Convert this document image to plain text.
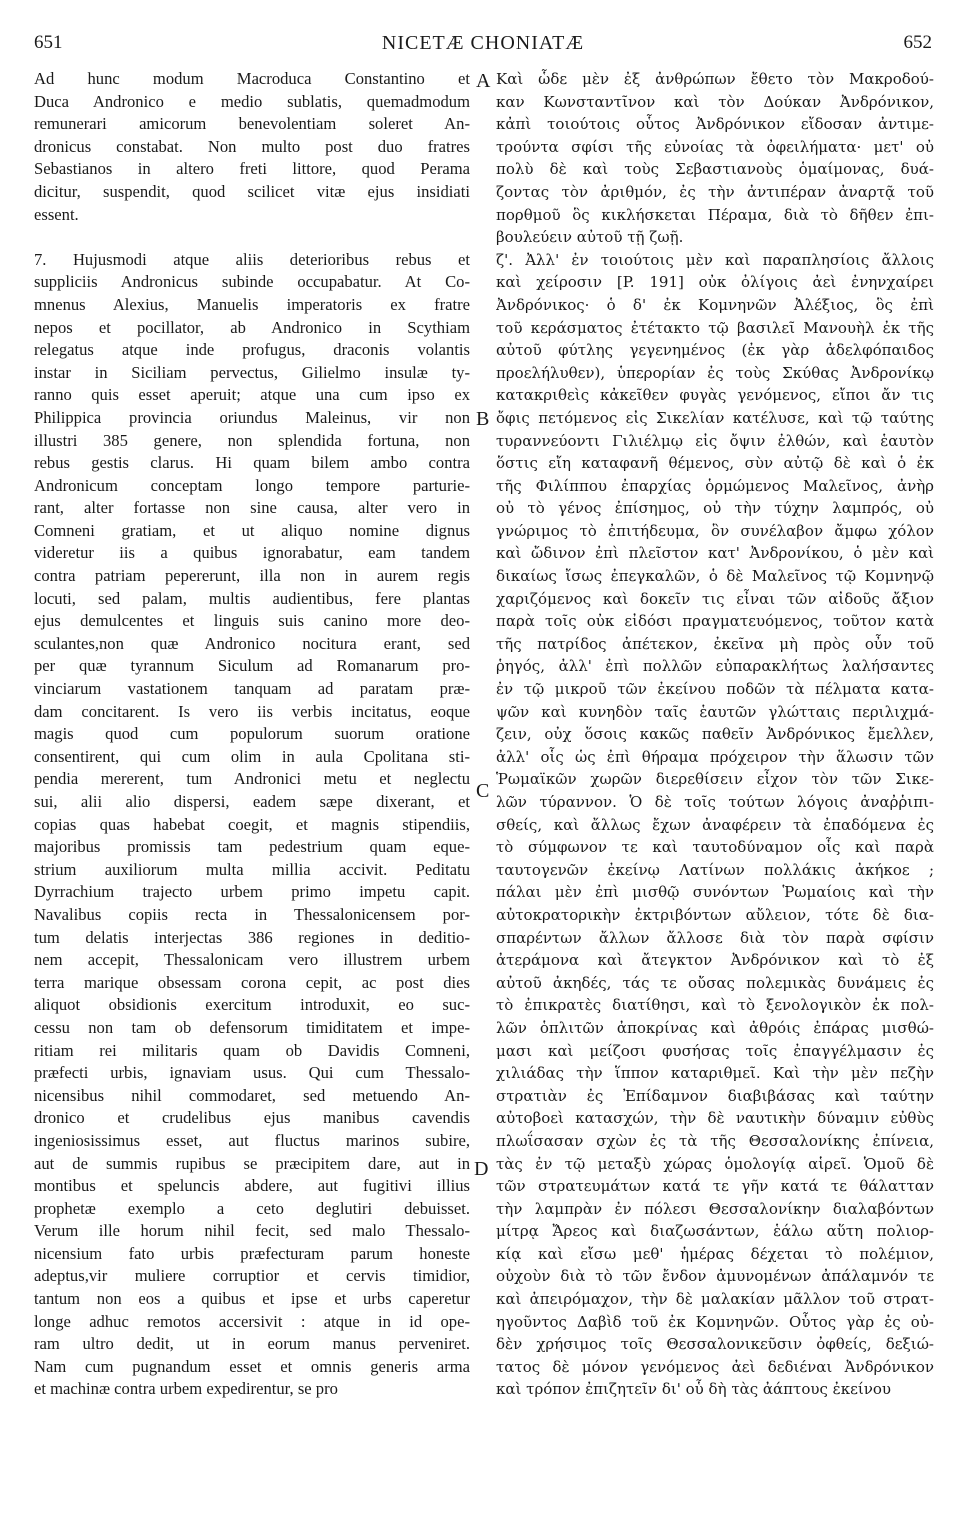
651	NICETÆ CHONIATÆ	652
Ad hunc modum Macroduca Constantino et
Duca Andronico e medio sublatis, quemadmodum
remunerari amicorum benevolentiam soleret An-
dronicus constabat. Non multo post duo fratres
Sebastianos in altero freti littore, quod Perama
dicitur, suspendit, quod scilicet vitæ ejus insidiati
essent.
7. Hujusmodi atque aliis deterioribus rebus et
suppliciis Andronicus subinde occupabatur. At Co-
mnenus Alexius, Manuelis imperatoris ex fratre
nepos et pocillator, ab Andronico in Scythiam
relegatus atque inde profugus, draconis volantis
instar in Siciliam pervectus, Gilielmo insulæ ty-
ranno quis esset aperuit; atque una cum ipso ex
Philippica provincia oriundus Maleinus, vir non
illustri 385 genere, non splendida fortuna, non
rebus gestis clarus. Hi quam bilem ambo contra
Andronicum conceptam longo tempore parturie-
rant, alter fortasse non sine causa, alter vero in
Comneni gratiam, et ut aliquo nomine dignus
videretur iis a quibus ignorabatur, eam tandem
contra patriam pepererunt, illa non in aurem regis
locuti, sed palam, multis audientibus, fere plantas
ejus demulcentes et linguis suis canino more deo-
sculantes,non quæ Andronico nocitura erant, sed
per quæ tyrannum Siculum ad Romanarum pro-
vinciarum vastationem tanquam ad paratam præ-
dam concitarent. Is vero iis verbis incitatus, eoque
magis quod cum populorum suorum oratione
consentirent, qui cum olim in aula Cpolitana sti-
pendia mererent, tum Andronici metu et neglectu
sui, alii alio dispersi, eadem sæpe dixerant, et
copias quas habebat coegit, et magnis stipendiis,
majoribus promissis tam pedestrium quam eque-
strium auxiliorum multa millia accivit. Peditatu
Dyrrachium trajecto urbem primo impetu capit.
Navalibus copiis recta in Thessalonicensem por-
tum delatis interjectas 386 regiones in deditio-
nem accepit, Thessalonicam vero illustrem urbem
terra marique obsessam corona cepit, ac post dies
aliquot obsidionis exercitum introduxit, eo suc-
cessu non tam ob defensorum timiditatem et impe-
ritiam rei militaris quam ob Davidis Comneni,
præfecti urbis, ignaviam usus. Qui cum Thessalo-
nicensibus nihil commodaret, sed metuendo An-
dronico et crudelibus ejus manibus cavendis
ingeniosissimus esset, aut fluctus marinos subire,
aut de summis rupibus se præcipitem dare, aut in
montibus et speluncis abdere, aut fugitivi illius
prophetæ exemplo a ceto deglutiri debuisset.
Verum ille horum nihil fecit, sed malo Thessalo-
nicensium fato urbis præfecturam parum honeste
adeptus,vir muliere corruptior et cervis timidior,
tantum non eos a quibus et ipse et urbs caperetur
longe adhuc remotos accersivit : atque in id ope-
ram ultro dedit, ut in eorum manus perveniret.
Nam cum pugnandum esset et omnis generis arma
et machinæ contra urbem expedirentur, se pro
A
B
C
D
Καὶ ὧδε μὲν ἐξ ἀνθρώπων ἔθετο τὸν Μακροδού-
καν Κωνσταντῖνον καὶ τὸν Δούκαν Ἀνδρόνικον,
κἀπὶ τοιούτοις οὗτος Ἀνδρόνικον εἴδοσαν ἀντιμε-
τρούντα σφίσι τῆς εὐνοίας τὰ ὀφειλήματα· μετ' οὐ
πολὺ δὲ καὶ τοὺς Σεβαστιανοὺς ὁμαίμονας, δυά-
ζοντας τὸν ἀριθμόν, ἐς τὴν ἀντιπέραν ἀναρτᾷ τοῦ
πορθμοῦ ὃς κικλήσκεται Πέραμα, διὰ τὸ δῆθεν ἐπι-
βουλεύειν αὐτοῦ τῇ ζωῇ.
ζ'. Ἀλλ' ἐν τοιούτοις μὲν καὶ παραπλησίοις ἄλλοις
καὶ χείροσιν [P. 191] οὐκ ὀλίγοις ἀεὶ ἐνηνχαίρει
Ἀνδρόνικος· ὁ δ' ἐκ Κομνηνῶν Ἀλέξιος, ὃς ἐπὶ
τοῦ κεράσματος ἐτέτακτο τῷ βασιλεῖ Μανουὴλ ἐκ τῆς
αὐτοῦ φύτλης γεγενημένος (ἐκ γὰρ ἀδελφόπαιδος
προελήλυθεν), ὑπερορίαν ἐς τοὺς Σκύθας Ἀνδρονίκῳ
κατακριθεὶς κἀκεῖθεν φυγὰς γενόμενος, εἴποι ἄν τις
ὄφις πετόμενος εἰς Σικελίαν κατέλυσε, καὶ τῷ ταύτης
τυραννεύοντι Γιλιέλμῳ εἰς ὄψιν ἐλθών, καὶ ἑαυτὸν
ὅστις εἴη καταφανῆ θέμενος, σὺν αὐτῷ δὲ καὶ ὁ ἐκ
τῆς Φιλίππου ἐπαρχίας ὁρμώμενος Μαλεῖνος, ἀνὴρ
οὐ τὸ γένος ἐπίσημος, οὐ τὴν τύχην λαμπρός, οὐ
γνώριμος τὸ ἐπιτήδευμα, ὃν συνέλαβον ἄμφω χόλον
καὶ ὤδινον ἐπὶ πλεῖστον κατ' Ἀνδρονίκου, ὁ μὲν καὶ
δικαίως ἴσως ἐπεγκαλῶν, ὁ δὲ Μαλεῖνος τῷ Κομνηνῷ
χαριζόμενος καὶ δοκεῖν τις εἶναι τῶν αἰδοῦς ἄξιον
παρὰ τοῖς οὐκ εἰδόσι πραγματευόμενος, τοῦτον κατὰ
τῆς πατρίδος ἀπέτεκον, ἐκεῖνα μὴ πρὸς οὖν τοῦ
ῥηγός, ἀλλ' ἐπὶ πολλῶν εὐπαρακλήτως λαλήσαντες
ἐν τῷ μικροῦ τῶν ἐκείνου ποδῶν τὰ πέλματα κατα-
ψῶν καὶ κυνηδὸν ταῖς ἑαυτῶν γλώτταις περιλιχμά-
ζειν, οὐχ ὅσοις κακῶς παθεῖν Ἀνδρόνικος ἔμελλεν,
ἀλλ' οἷς ὡς ἐπὶ θήραμα πρόχειρον τὴν ἅλωσιν τῶν
Ῥωμαϊκῶν χωρῶν διερεθίσειν εἶχον τὸν τῶν Σικε-
λῶν τύραννον. Ὁ δὲ τοῖς τούτων λόγοις ἀναῤῥιπι-
σθείς, καὶ ἄλλως ἔχων ἀναφέρειν τὰ ἐπαδόμενα ἐς
τὸ σύμφωνον τε καὶ ταυτοδύναμον οἷς καὶ παρὰ
ταυτογενῶν ἐκείνῳ Λατίνων πολλάκις ἀκήκοε ;
πάλαι μὲν ἐπὶ μισθῷ συνόντων Ῥωμαίοις καὶ τὴν
αὐτοκρατορικὴν ἐκτριβόντων αὔλειον, τότε δὲ δια-
σπαρέντων ἄλλων ἄλλοσε διὰ τὸν παρὰ σφίσιν
ἀτεράμονα καὶ ἄτεγκτον Ἀνδρόνικον καὶ τὸ ἐξ
αὐτοῦ ἀκηδές, τάς τε οὔσας πολεμικὰς δυνάμεις ἐς
τὸ ἐπικρατὲς διατίθησι, καὶ τὸ ξενολογικὸν ἐκ πολ-
λῶν ὁπλιτῶν ἀποκρίνας καὶ ἀθρόις ἐπάρας μισθώ-
μασι καὶ μείζοσι φυσήσας τοῖς ἐπαγγέλμασιν ἐς
χιλιάδας τὴν ἵππον καταριθμεῖ. Καὶ τὴν μὲν πεζὴν
στρατιὰν ἐς Ἐπίδαμνον διαβιβάσας καὶ ταύτην
αὐτοβοεὶ κατασχών, τὴν δὲ ναυτικὴν δύναμιν εὐθὺς
πλωΐσασαν σχὼν ἐς τὰ τῆς Θεσσαλονίκης ἐπίνεια,
τὰς ἐν τῷ μεταξὺ χώρας ὁμολογίᾳ αἱρεῖ. Ὁμοῦ δὲ
τῶν στρατευμάτων κατά τε γῆν κατά τε θάλατταν
τὴν λαμπρὰν ἐν πόλεσι Θεσσαλονίκην διαλαβόντων
μίτρᾳ Ἄρεος καὶ διαζωσάντων, ἑάλω αὕτη πολιορ-
κίᾳ καὶ εἴσω μεθ' ἡμέρας δέχεται τὸ πολέμιον,
οὐχοὺν διὰ τὸ τῶν ἔνδον ἀμυνομένων ἀπάλαμνόν τε
καὶ ἀπειρόμαχον, τὴν δὲ μαλακίαν μᾶλλον τοῦ στρατ-
ηγοῦντος Δαβὶδ τοῦ ἐκ Κομνηνῶν. Οὗτος γὰρ ἐς οὐ-
δὲν χρήσιμος τοῖς Θεσσαλονικεῦσιν ὀφθείς, δεξιώ-
τατος δὲ μόνον γενόμενος ἀεὶ δεδιέναι Ἀνδρόνικον
καὶ τρόπον ἐπιζητεῖν δι' οὗ δὴ τὰς ἀάπτους ἐκείνου
